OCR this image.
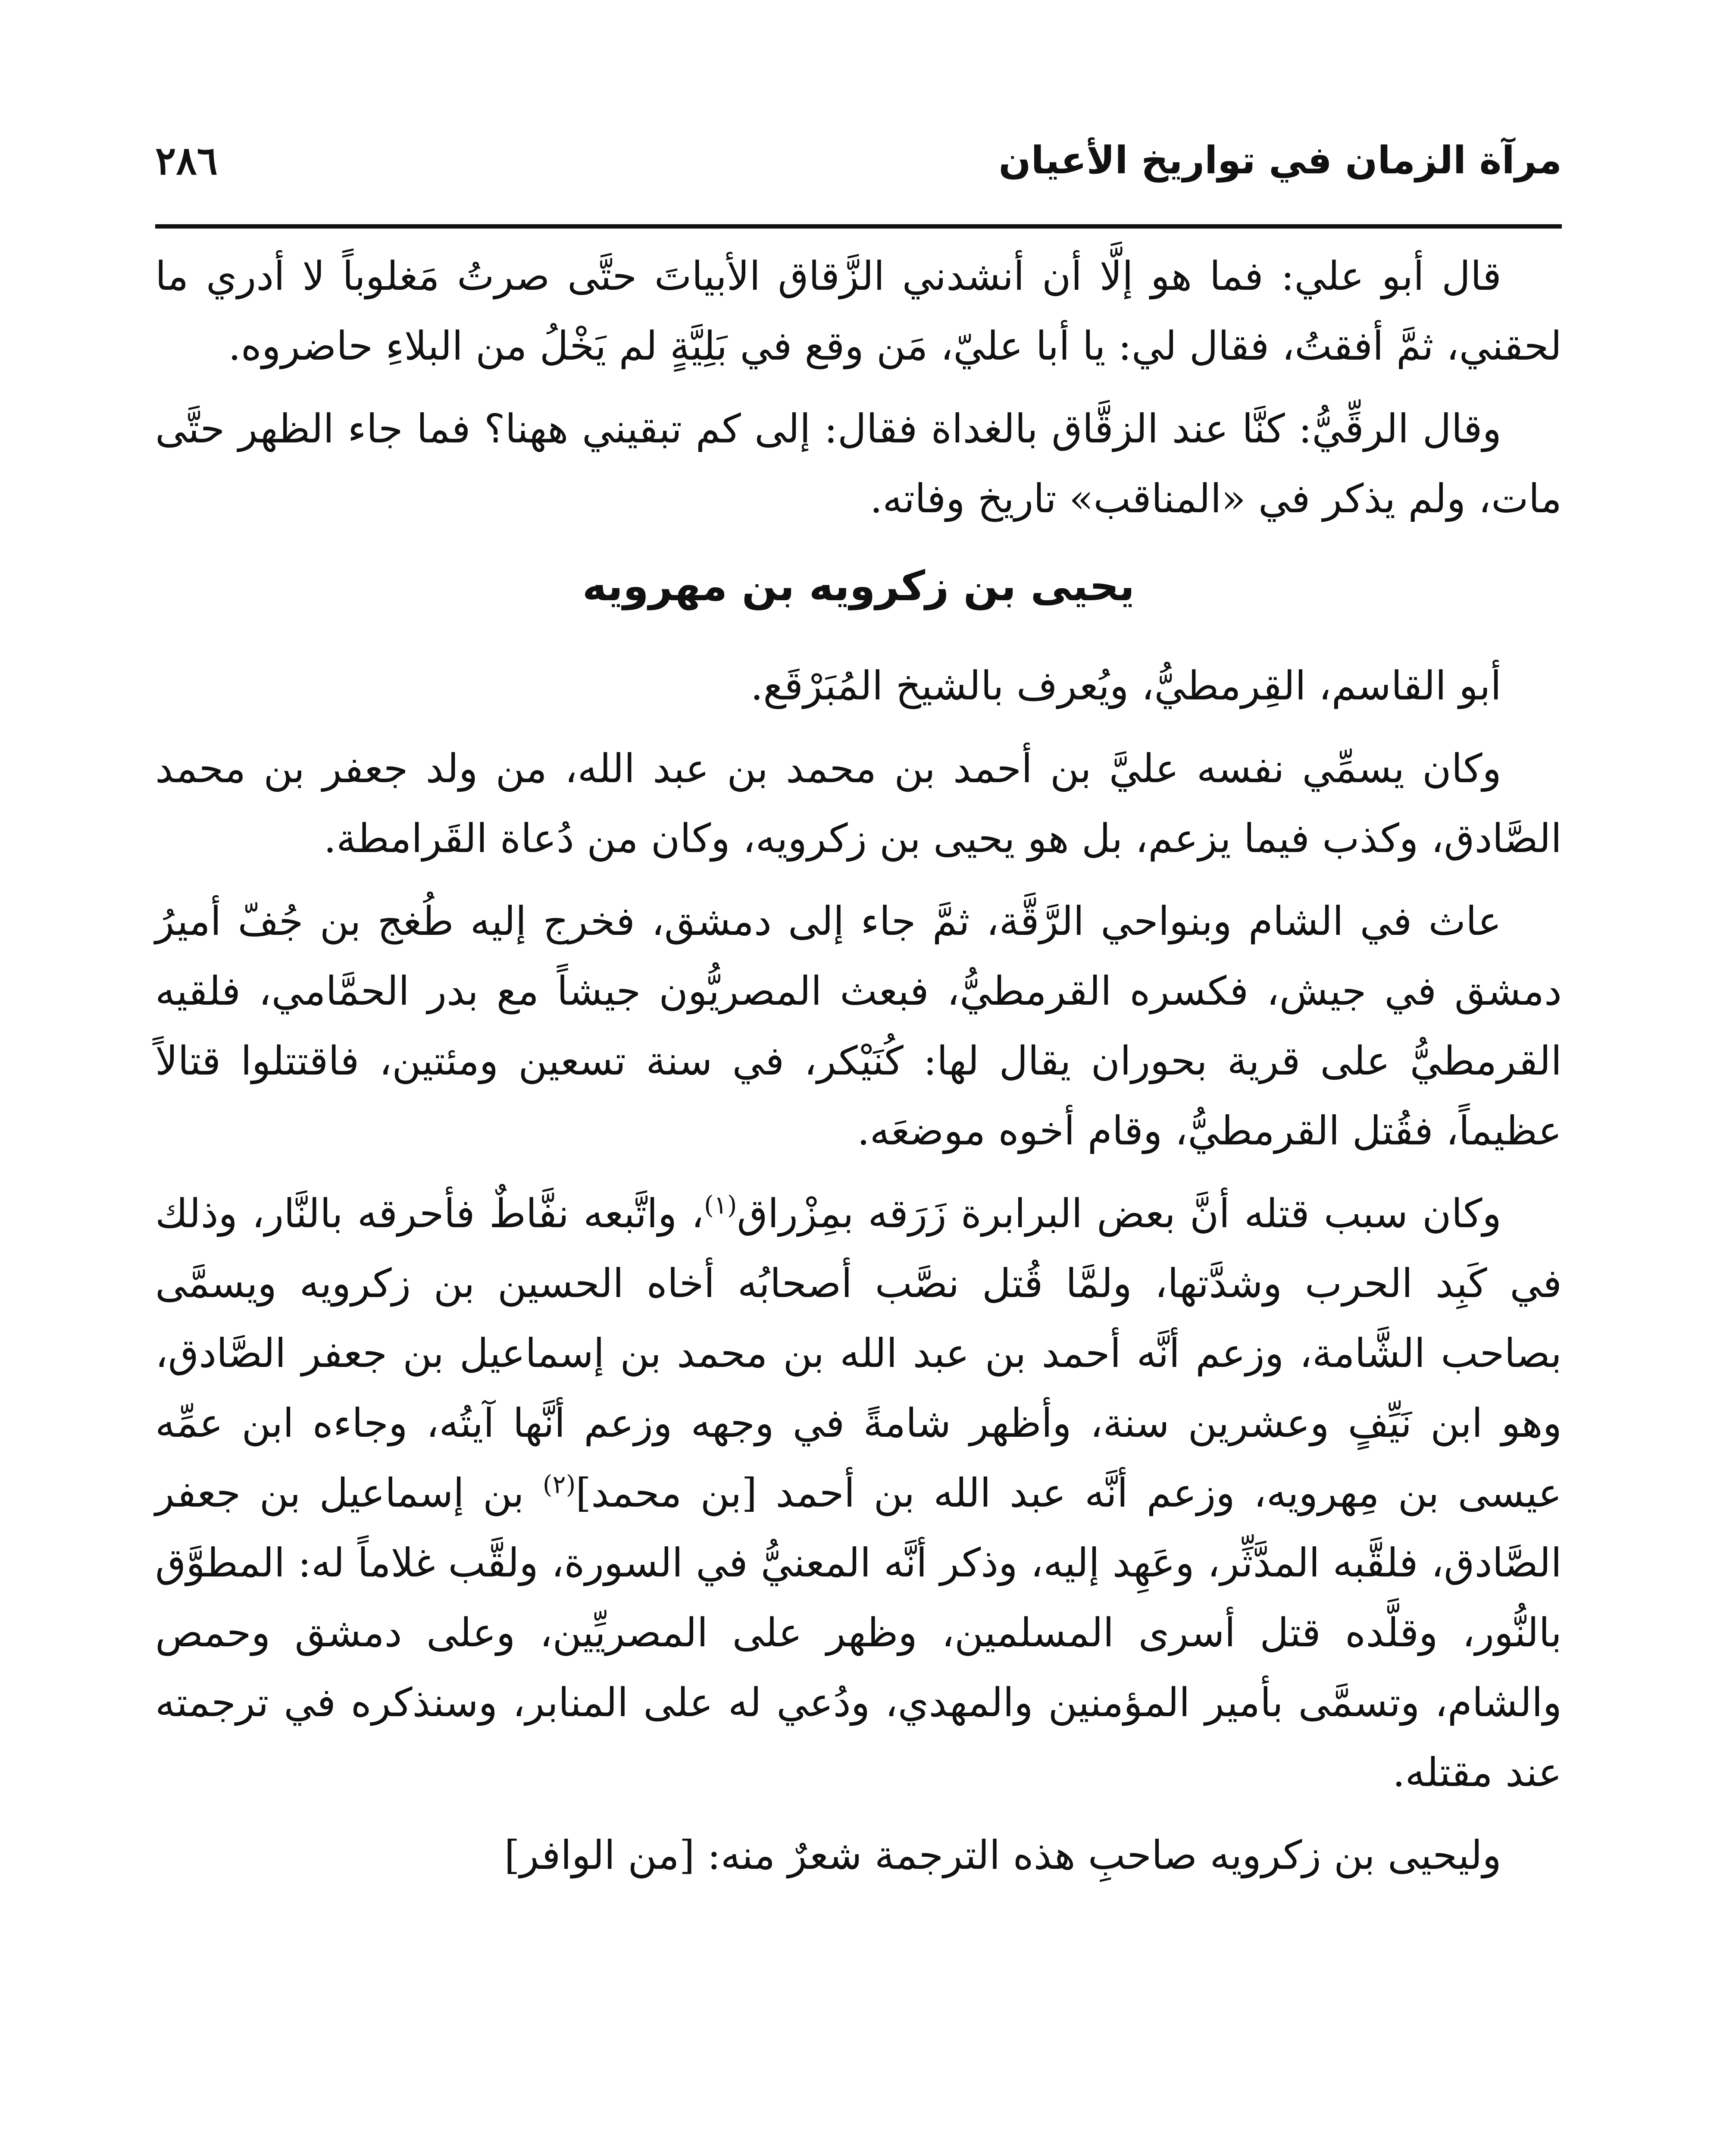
٢٨٦	مرآة الزمان في تواريخ الأعيان

قال أبو علي: فما هو إلَّا أن أنشدني الزَّقاق الأبياتَ حتَّى صرتُ مَغلوباً لا أدري ما لحقني، ثمَّ أفقتُ، فقال لي: يا أبا عليّ، مَن وقع في بَلِيَّةٍ لم يَخْلُ من البلاءِ حاضروه.

وقال الرقِّيُّ: كنَّا عند الزقَّاق بالغداة فقال: إلى كم تبقيني ههنا؟ فما جاء الظهر حتَّى مات، ولم يذكر في «المناقب» تاريخ وفاته.

يحيى بن زكرويه بن مهرويه

أبو القاسم، القِرمطيُّ، ويُعرف بالشيخ المُبَرْقَع.

وكان يسمِّي نفسه عليَّ بن أحمد بن محمد بن عبد الله، من ولد جعفر بن محمد الصَّادق، وكذب فيما يزعم، بل هو يحيى بن زكرويه، وكان من دُعاة القَرامطة.

عاث في الشام وبنواحي الرَّقَّة، ثمَّ جاء إلى دمشق، فخرج إليه طُغج بن جُفّ أميرُ دمشق في جيش، فكسره القرمطيُّ، فبعث المصريُّون جيشاً مع بدر الحمَّامي، فلقيه القرمطيُّ على قرية بحوران يقال لها: كُنَيْكر، في سنة تسعين ومئتين، فاقتتلوا قتالاً عظيماً، فقُتل القرمطيُّ، وقام أخوه موضعَه.

وكان سبب قتله أنَّ بعض البرابرة زَرَقه بمِزْراق$^{(١)}$، واتَّبعه نفَّاطٌ فأحرقه بالنَّار، وذلك في كَبِد الحرب وشدَّتها، ولمَّا قُتل نصَّب أصحابُه أخاه الحسين بن زكرويه ويسمَّى بصاحب الشَّامة، وزعم أنَّه أحمد بن عبد الله بن محمد بن إسماعيل بن جعفر الصَّادق، وهو ابن نَيِّفٍ وعشرين سنة، وأظهر شامةً في وجهه وزعم أنَّها آيتُه، وجاءه ابن عمِّه عيسى بن مِهرويه، وزعم أنَّه عبد الله بن أحمد [بن محمد]$^{(٢)}$ بن إسماعيل بن جعفر الصَّادق، فلقَّبه المدَّثِّر، وعَهِد إليه، وذكر أنَّه المعنيُّ في السورة، ولقَّب غلاماً له: المطوَّق بالنُّور، وقلَّده قتل أسرى المسلمين، وظهر على المصريِّين، وعلى دمشق وحمص والشام، وتسمَّى بأمير المؤمنين والمهدي، ودُعي له على المنابر، وسنذكره في ترجمته عند مقتله.

وليحيى بن زكرويه صاحبِ هذه الترجمة شعرٌ منه: [من الوافر]
